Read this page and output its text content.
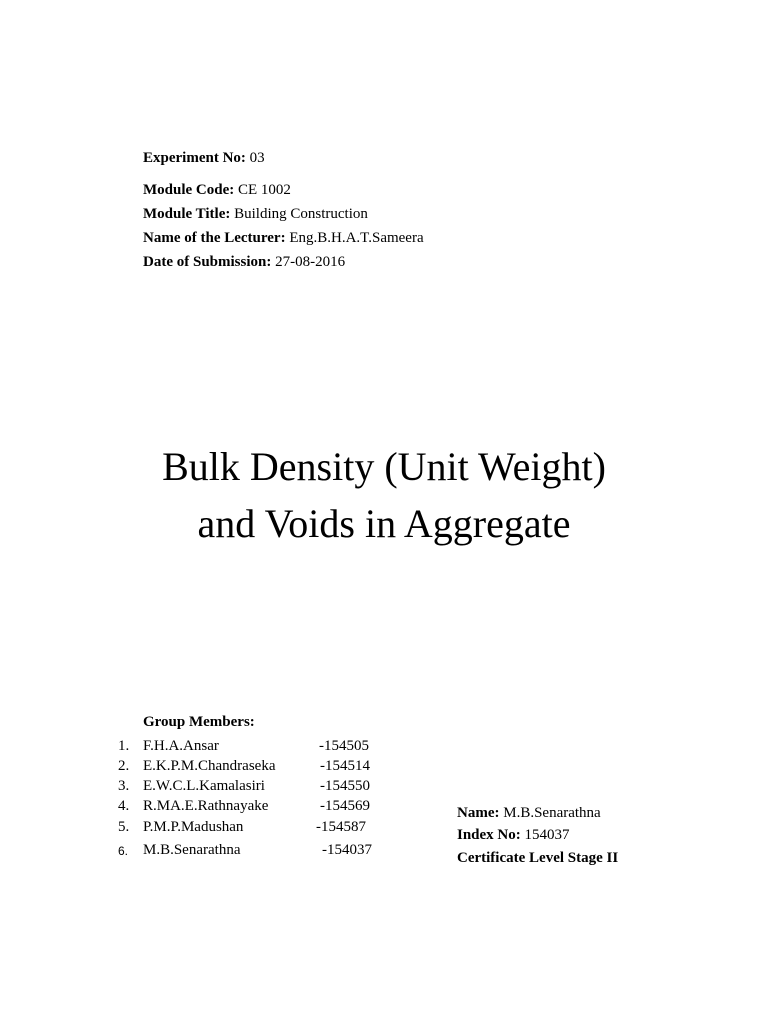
Experiment No: 03
Module Code: CE 1002
Module Title: Building Construction
Name of the Lecturer: Eng.B.H.A.T.Sameera
Date of Submission: 27-08-2016
Bulk Density (Unit Weight)
and Voids in Aggregate
Group Members:
1. F.H.A.Ansar	-154505
2. E.K.P.M.Chandraseka	-154514
3. E.W.C.L.Kamalasiri	-154550
4. R.MA.E.Rathnayake	-154569
5. P.M.P.Madushan	-154587
6. M.B.Senarathna	-154037
Name: M.B.Senarathna
Index No: 154037
Certificate Level Stage II
